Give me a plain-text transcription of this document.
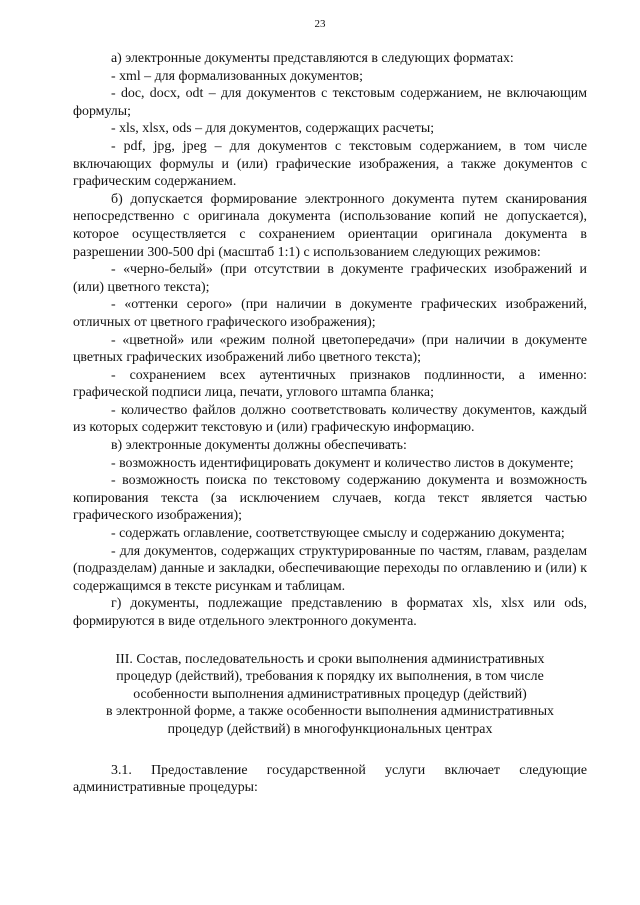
23

а) электронные документы представляются в следующих форматах:

- xml – для формализованных документов;

- doc, docx, odt – для документов с текстовым содержанием, не включающим формулы;

- xls, xlsx, ods – для документов, содержащих расчеты;

- pdf, jpg, jpeg – для документов с текстовым содержанием, в том числе включающих формулы и (или) графические изображения, а также документов с графическим содержанием.

б) допускается формирование электронного документа путем сканирования непосредственно с оригинала документа (использование копий не допускается), которое осуществляется с сохранением ориентации оригинала документа в разрешении 300-500 dpi (масштаб 1:1) с использованием следующих режимов:

- «черно-белый» (при отсутствии в документе графических изображений и (или) цветного текста);

- «оттенки серого» (при наличии в документе графических изображений, отличных от цветного графического изображения);

- «цветной» или «режим полной цветопередачи» (при наличии в документе цветных графических изображений либо цветного текста);

- сохранением всех аутентичных признаков подлинности, а именно: графической подписи лица, печати, углового штампа бланка;

- количество файлов должно соответствовать количеству документов, каждый из которых содержит текстовую и (или) графическую информацию.

в) электронные документы должны обеспечивать:

- возможность идентифицировать документ и количество листов в документе;

- возможность поиска по текстовому содержанию документа и возможность копирования текста (за исключением случаев, когда текст является частью графического изображения);

- содержать оглавление, соответствующее смыслу и содержанию документа;

- для документов, содержащих структурированные по частям, главам, разделам (подразделам) данные и закладки, обеспечивающие переходы по оглавлению и (или) к содержащимся в тексте рисункам и таблицам.

г) документы, подлежащие представлению в форматах xls, xlsx или ods, формируются в виде отдельного электронного документа.

III. Состав, последовательность и сроки выполнения административных
процедур (действий), требования к порядку их выполнения, в том числе
особенности выполнения административных процедур (действий)
в электронной форме, а также особенности выполнения административных
процедур (действий) в многофункциональных центрах

3.1. Предоставление государственной услуги включает следующие административные процедуры:
